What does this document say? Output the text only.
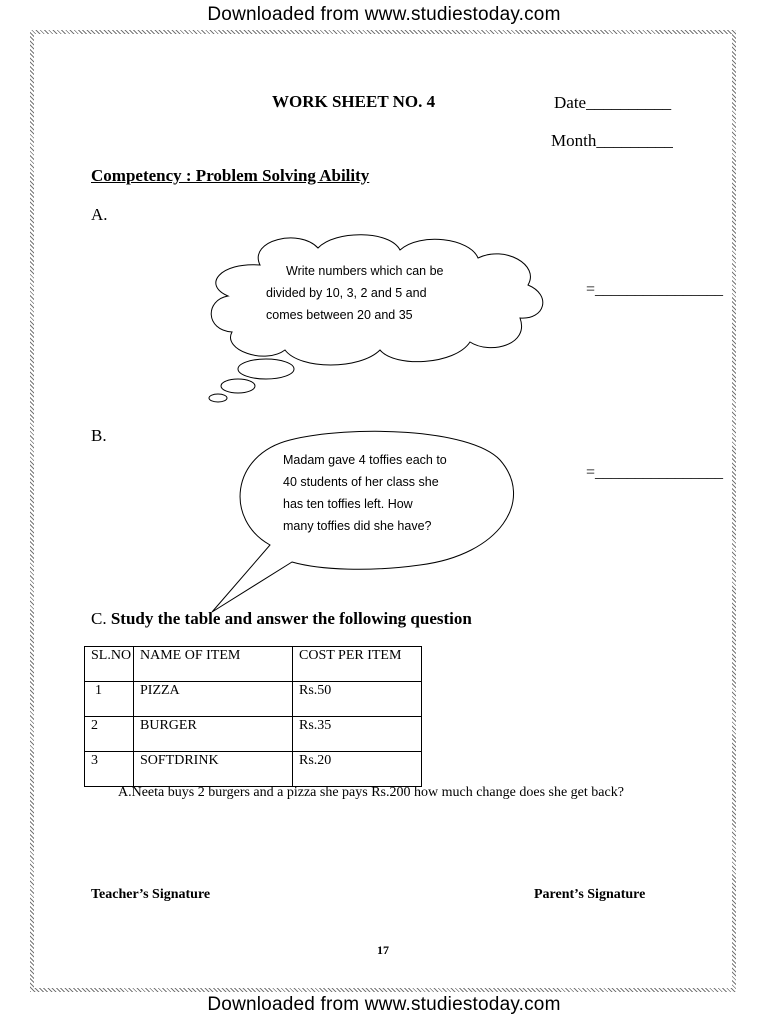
Downloaded from www.studiestoday.com
WORK SHEET NO. 4	Date__________
Month_________
Competency : Problem Solving Ability
A.
Write numbers which can be
divided by 10, 3, 2 and 5 and
comes between 20 and 35
=________________
B.
Madam gave 4 toffies each to
40 students of her class she
has ten toffies left. How
many toffies did she have?
=________________
C. Study the table and answer the following question
SL.NO	NAME OF ITEM	COST PER ITEM
1	PIZZA	Rs.50
2	BURGER	Rs.35
3	SOFTDRINK	Rs.20
A.Neeta buys 2 burgers and a pizza she pays Rs.200 how much change does she get back?
Teacher’s Signature	Parent’s Signature
17
Downloaded from www.studiestoday.com
